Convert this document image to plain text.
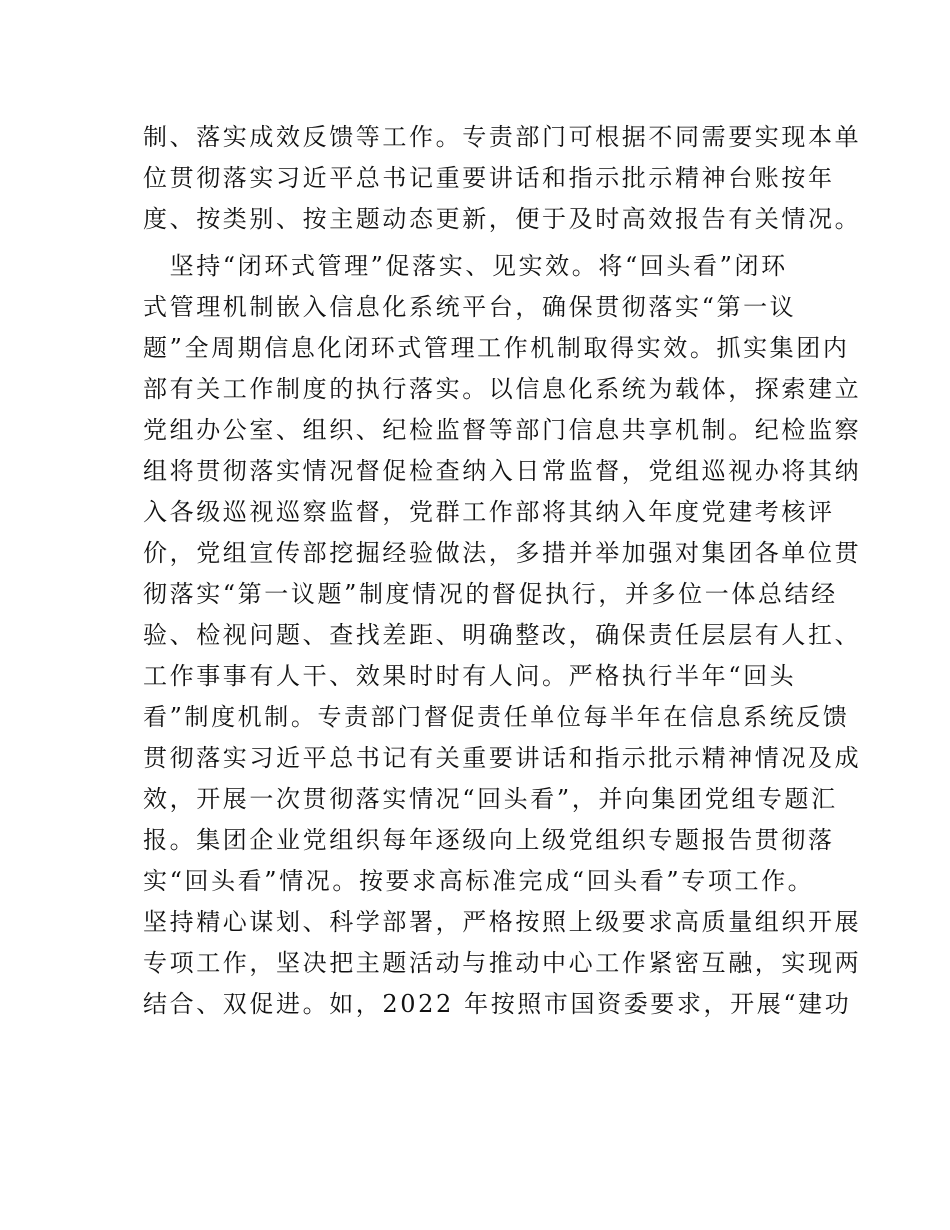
制、落实成效反馈等工作。专责部门可根据不同需要实现本单
位贯彻落实习近平总书记重要讲话和指示批示精神台账按年
度、按类别、按主题动态更新，便于及时高效报告有关情况。
　坚持“闭环式管理”促落实、见实效。将“回头看”闭环
式管理机制嵌入信息化系统平台，确保贯彻落实“第一议
题”全周期信息化闭环式管理工作机制取得实效。抓实集团内
部有关工作制度的执行落实。以信息化系统为载体，探索建立
党组办公室、组织、纪检监督等部门信息共享机制。纪检监察
组将贯彻落实情况督促检查纳入日常监督，党组巡视办将其纳
入各级巡视巡察监督，党群工作部将其纳入年度党建考核评
价，党组宣传部挖掘经验做法，多措并举加强对集团各单位贯
彻落实“第一议题”制度情况的督促执行，并多位一体总结经
验、检视问题、查找差距、明确整改，确保责任层层有人扛、
工作事事有人干、效果时时有人问。严格执行半年“回头
看”制度机制。专责部门督促责任单位每半年在信息系统反馈
贯彻落实习近平总书记有关重要讲话和指示批示精神情况及成
效，开展一次贯彻落实情况“回头看”，并向集团党组专题汇
报。集团企业党组织每年逐级向上级党组织专题报告贯彻落
实“回头看”情况。按要求高标准完成“回头看”专项工作。
坚持精心谋划、科学部署，严格按照上级要求高质量组织开展
专项工作，坚决把主题活动与推动中心工作紧密互融，实现两
结合、双促进。如，2022 年按照市国资委要求，开展“建功
